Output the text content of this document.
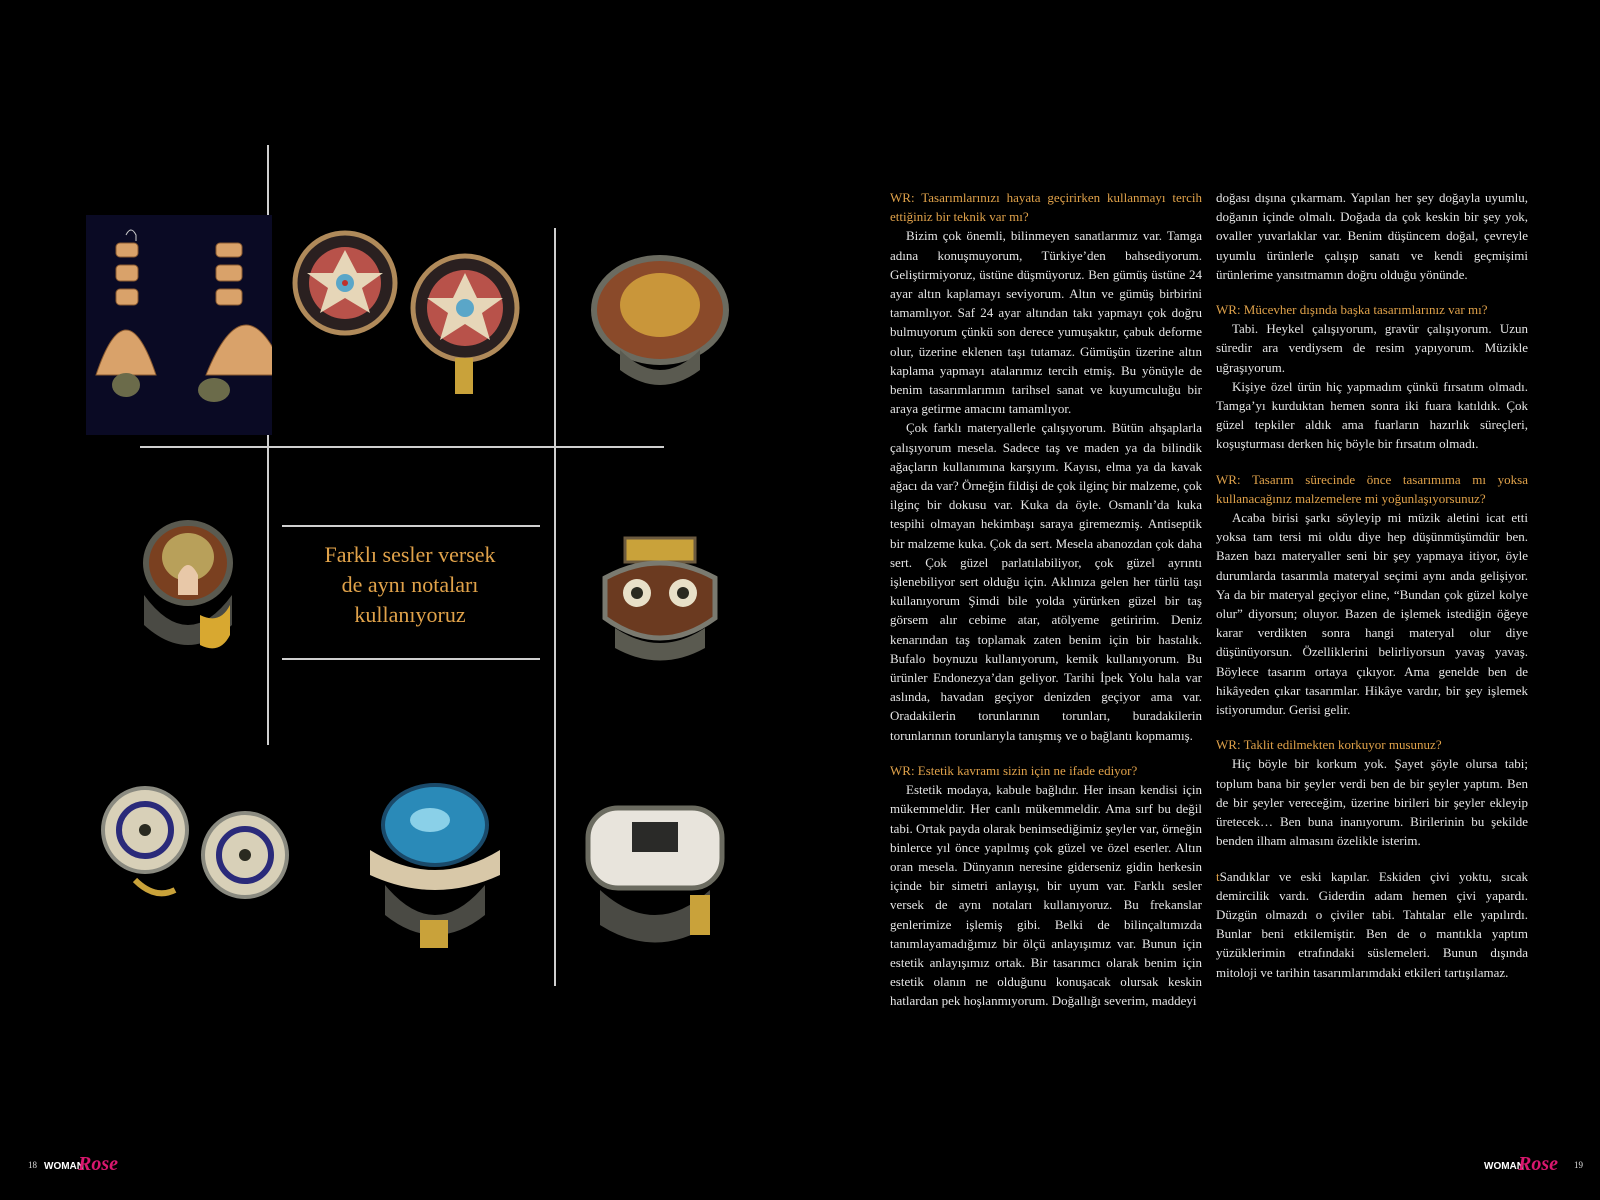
Farklı sesler versek
de aynı notaları
kullanıyoruz

WR: Tasarımlarınızı hayata geçirirken kullanmayı tercih ettiğiniz bir teknik var mı?

Bizim çok önemli, bilinmeyen sanatlarımız var. Tamga adına konuşmuyorum, Türkiye’den bahsediyorum. Geliştirmiyoruz, üstüne düşmüyoruz. Ben gümüş üstüne 24 ayar altın kaplamayı seviyorum. Altın ve gümüş birbirini tamamlıyor. Saf 24 ayar altından takı yapmayı çok doğru bulmuyorum çünkü son derece yumuşaktır, çabuk deforme olur, üzerine eklenen taşı tutamaz. Gümüşün üzerine altın kaplama yapmayı atalarımız tercih etmiş. Bu yönüyle de benim tasarımlarımın tarihsel sanat ve kuyumculuğu bir araya getirme amacını tamamlıyor.

Çok farklı materyallerle çalışıyorum. Bütün ahşaplarla çalışıyorum mesela. Sadece taş ve maden ya da bilindik ağaçların kullanımına karşıyım. Kayısı, elma ya da kavak ağacı da var? Örneğin fildişi de çok ilginç bir malzeme, çok ilginç bir dokusu var. Kuka da öyle. Osmanlı’da kuka tespihi olmayan hekimbaşı saraya giremezmiş. Antiseptik bir malzeme kuka. Çok da sert. Mesela abanozdan çok daha sert. Çok güzel parlatılabiliyor, çok güzel ayrıntı işlenebiliyor sert olduğu için. Aklınıza gelen her türlü taşı kullanıyorum Şimdi bile yolda yürürken güzel bir taş görsem alır cebime atar, atölyeme getiririm. Deniz kenarından taş toplamak zaten benim için bir hastalık. Bufalo boynuzu kullanıyorum, kemik kullanıyorum. Bu ürünler Endonezya’dan geliyor. Tarihi İpek Yolu hala var aslında, havadan geçiyor denizden geçiyor ama var. Oradakilerin torunlarının torunları, buradakilerin torunlarının torunlarıyla tanışmış ve o bağlantı kopmamış.

WR: Estetik kavramı sizin için ne ifade ediyor?

Estetik modaya, kabule bağlıdır. Her insan kendisi için mükemmeldir. Her canlı mükemmeldir. Ama sırf bu değil tabi. Ortak payda olarak benimsediğimiz şeyler var, örneğin binlerce yıl önce yapılmış çok güzel ve özel eserler. Altın oran mesela. Dünyanın neresine giderseniz gidin herkesin içinde bir simetri anlayışı, bir uyum var. Farklı sesler versek de aynı notaları kullanıyoruz. Bu frekanslar genlerimize işlemiş gibi. Belki de bilinçaltımızda tanımlayamadığımız bir ölçü anlayışımız var. Bunun için estetik anlayışımız ortak. Bir tasarımcı olarak benim için estetik olanın ne olduğunu konuşacak olursak keskin hatlardan pek hoşlanmıyorum. Doğallığı severim, maddeyi

doğası dışına çıkarmam. Yapılan her şey doğayla uyumlu, doğanın içinde olmalı. Doğada da çok keskin bir şey yok, ovaller yuvarlaklar var. Benim düşüncem doğal, çevreyle uyumlu ürünlerle çalışıp sanatı ve kendi geçmişimi ürünlerime yansıtmamın doğru olduğu yönünde.

WR: Mücevher dışında başka tasarımlarınız var mı?

Tabi. Heykel çalışıyorum, gravür çalışıyorum. Uzun süredir ara verdiysem de resim yapıyorum. Müzikle uğraşıyorum.

Kişiye özel ürün hiç yapmadım çünkü fırsatım olmadı. Tamga’yı kurduktan hemen sonra iki fuara katıldık. Çok güzel tepkiler aldık ama fuarların hazırlık süreçleri, koşuşturması derken hiç böyle bir fırsatım olmadı.

WR: Tasarım sürecinde önce tasarımıma mı yoksa kullanacağınız malzemelere mi yoğunlaşıyorsunuz?

Acaba birisi şarkı söyleyip mi müzik aletini icat etti yoksa tam tersi mi oldu diye hep düşünmüşümdür ben. Bazen bazı materyaller seni bir şey yapmaya itiyor, öyle durumlarda tasarımla materyal seçimi aynı anda gelişiyor. Ya da bir materyal geçiyor eline, “Bundan çok güzel kolye olur” diyorsun; oluyor. Bazen de işlemek istediğin öğeye karar verdikten sonra hangi materyal olur diye düşünüyorsun. Özelliklerini belirliyorsun yavaş yavaş. Böylece tasarım ortaya çıkıyor. Ama genelde ben de hikâyeden çıkar tasarımlar. Hikâye vardır, bir şey işlemek istiyorumdur. Gerisi gelir.

WR: Taklit edilmekten korkuyor musunuz?

Hiç böyle bir korkum yok. Şayet şöyle olursa tabi; toplum bana bir şeyler verdi ben de bir şeyler yaptım. Ben de bir şeyler vereceğim, üzerine birileri bir şeyler ekleyip üretecek… Ben buna inanıyorum. Birilerinin bu şekilde benden ilham almasını özelikle isterim.

tSandıklar ve eski kapılar. Eskiden çivi yoktu, sıcak demircilik vardı. Giderdin adam hemen çivi yapardı. Düzgün olmazdı o çiviler tabi. Tahtalar elle yapılırdı. Bunlar beni etkilemiştir. Ben de o mantıkla yaptım yüzüklerimin etrafındaki süslemeleri. Bunun dışında mitoloji ve tarihin tasarımlarımdaki etkileri tartışılamaz.

18 WOMAN
Rose	WOMAN
Rose 19
